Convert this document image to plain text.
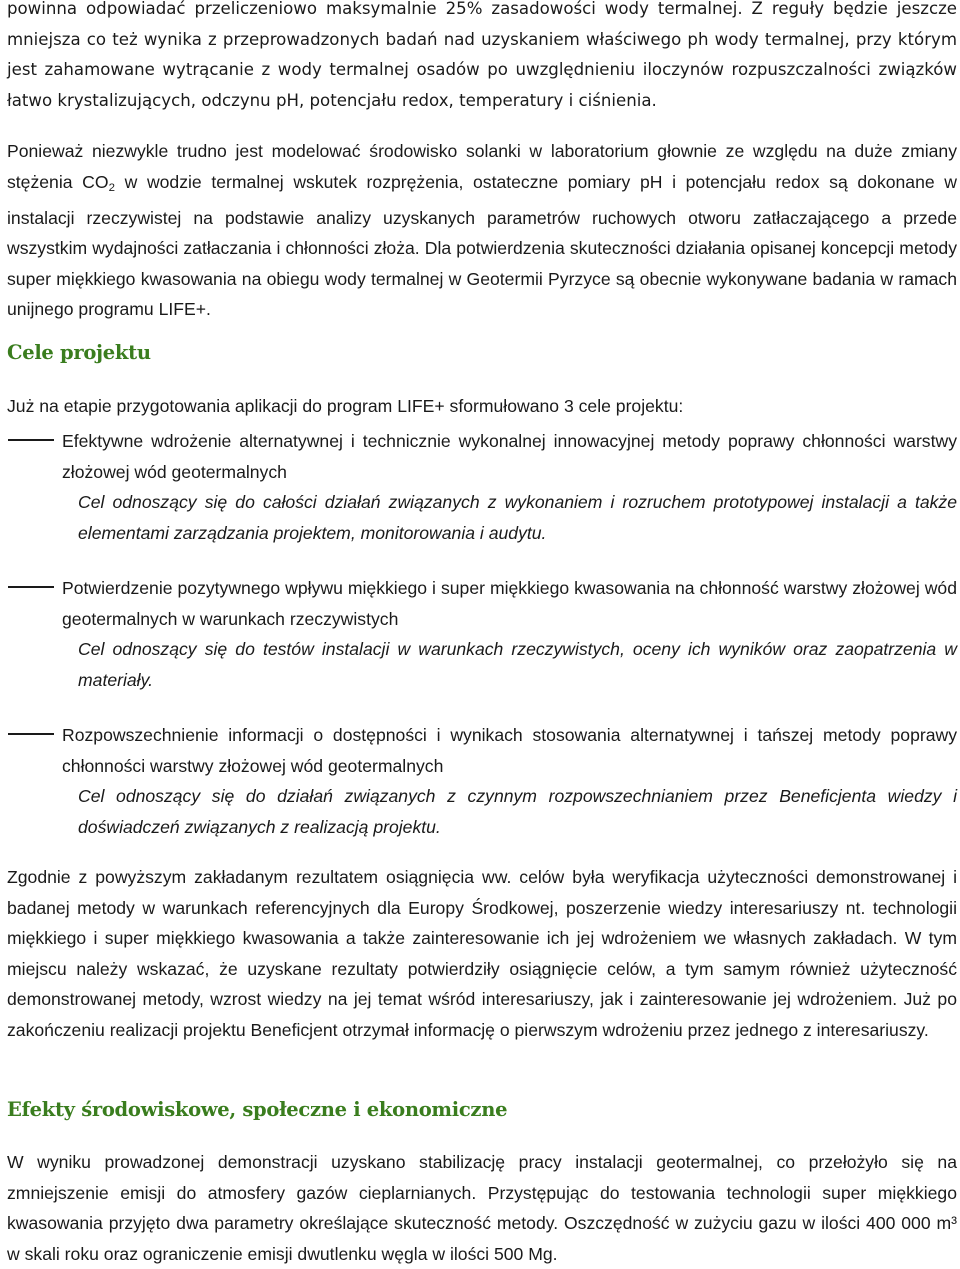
powinna odpowiadać przeliczeniowo maksymalnie 25% zasadowości wody termalnej. Z reguły będzie jeszcze mniejsza co też wynika z przeprowadzonych badań nad uzyskaniem właściwego ph wody termalnej, przy którym jest zahamowane wytrącanie z wody termalnej osadów po uwzględnieniu iloczynów rozpuszczalności związków łatwo krystalizujących, odczynu pH, potencjału redox, temperatury i ciśnienia.

Ponieważ niezwykle trudno jest modelować środowisko solanki w laboratorium głownie ze względu na duże zmiany stężenia $CO_2$ w wodzie termalnej wskutek rozprężenia, ostateczne pomiary pH i potencjału redox są dokonane w instalacji rzeczywistej na podstawie analizy uzyskanych parametrów ruchowych otworu zatłaczającego a przede wszystkim wydajności zatłaczania i chłonności złoża. Dla potwierdzenia skuteczności działania opisanej koncepcji metody super miękkiego kwasowania na obiegu wody termalnej w Geotermii Pyrzyce są obecnie wykonywane badania w ramach unijnego programu LIFE+.

Cele projektu

Już na etapie przygotowania aplikacji do program LIFE+ sformułowano 3 cele projektu:

Efektywne wdrożenie alternatywnej i technicznie wykonalnej innowacyjnej metody poprawy chłonności warstwy złożowej wód geotermalnych

Cel odnoszący się do całości działań związanych z wykonaniem i rozruchem prototypowej instalacji a także elementami zarządzania projektem, monitorowania i audytu.

Potwierdzenie pozytywnego wpływu miękkiego i super miękkiego kwasowania na chłonność warstwy złożowej wód geotermalnych w warunkach rzeczywistych

Cel odnoszący się do testów instalacji w warunkach rzeczywistych, oceny ich wyników oraz zaopatrzenia w materiały.

Rozpowszechnienie informacji o dostępności i wynikach stosowania alternatywnej i tańszej metody poprawy chłonności warstwy złożowej wód geotermalnych

Cel odnoszący się do działań związanych z czynnym rozpowszechnianiem przez Beneficjenta wiedzy i doświadczeń związanych z realizacją projektu.

Zgodnie z powyższym zakładanym rezultatem osiągnięcia ww. celów była weryfikacja użyteczności demonstrowanej i badanej metody w warunkach referencyjnych dla Europy Środkowej, poszerzenie wiedzy interesariuszy nt. technologii miękkiego i super miękkiego kwasowania a także zainteresowanie ich jej wdrożeniem we własnych zakładach. W tym miejscu należy wskazać, że uzyskane rezultaty potwierdziły osiągnięcie celów, a tym samym również użyteczność demonstrowanej metody, wzrost wiedzy na jej temat wśród interesariuszy, jak i zainteresowanie jej wdrożeniem. Już po zakończeniu realizacji projektu Beneficjent otrzymał informację o pierwszym wdrożeniu przez jednego z interesariuszy.

Efekty środowiskowe, społeczne i ekonomiczne

W wyniku prowadzonej demonstracji uzyskano stabilizację pracy instalacji geotermalnej, co przełożyło się na zmniejszenie emisji do atmosfery gazów cieplarnianych. Przystępując do testowania technologii super miękkiego kwasowania przyjęto dwa parametry określające skuteczność metody. Oszczędność w zużyciu gazu w ilości 400 000 m³ w skali roku oraz ograniczenie emisji dwutlenku węgla w ilości 500 Mg.
